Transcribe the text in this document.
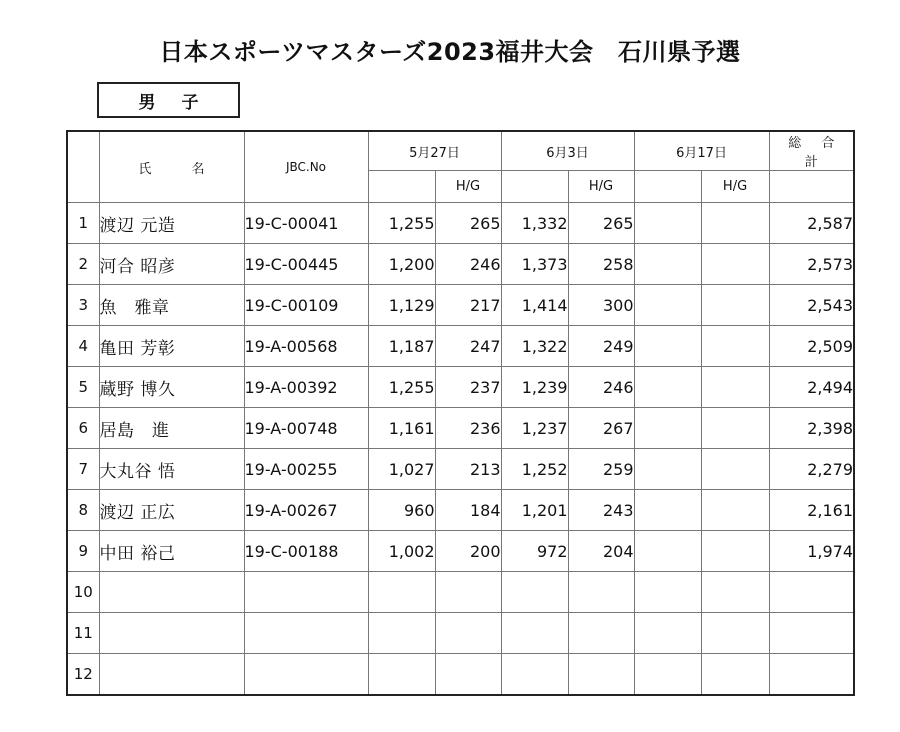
日本スポーツマスターズ2023福井大会　石川県予選
男 子
	氏 名	JBC.No	5月27日		6月3日		6月17日		総 合 計
				H/G		H/G		H/G	
1	渡辺 元造	19-C-00041	1,255	265	1,332	265			2,587
2	河合 昭彦	19-C-00445	1,200	246	1,373	258			2,573
3	魚　雅章	19-C-00109	1,129	217	1,414	300			2,543
4	亀田 芳彰	19-A-00568	1,187	247	1,322	249			2,509
5	蔵野 博久	19-A-00392	1,255	237	1,239	246			2,494
6	居島　進	19-A-00748	1,161	236	1,237	267			2,398
7	大丸谷 悟	19-A-00255	1,027	213	1,252	259			2,279
8	渡辺 正広	19-A-00267	960	184	1,201	243			2,161
9	中田 裕己	19-C-00188	1,002	200	972	204			1,974
10									
11									
12									
